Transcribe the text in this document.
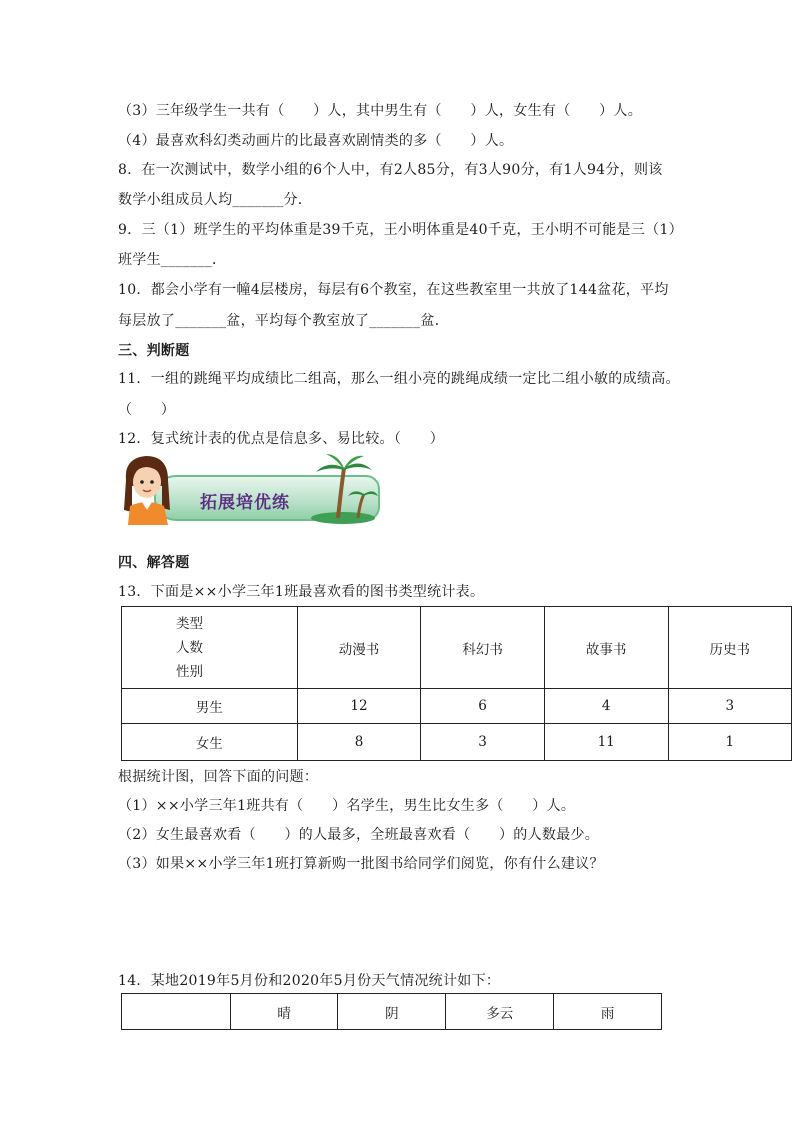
（3）三年级学生一共有（　　）人，其中男生有（　　）人，女生有（　　）人。
（4）最喜欢科幻类动画片的比最喜欢剧情类的多（　　）人。
8．在一次测试中，数学小组的6个人中，有2人85分，有3人90分，有1人94分，则该
数学小组成员人均_______分．
9．三（1）班学生的平均体重是39千克，王小明体重是40千克，王小明不可能是三（1）
班学生_______．
10．都会小学有一幢4层楼房，每层有6个教室，在这些教室里一共放了144盆花，平均
每层放了_______盆，平均每个教室放了_______盆．
三、判断题
11．一组的跳绳平均成绩比二组高，那么一组小亮的跳绳成绩一定比二组小敏的成绩高。
（　　）
12．复式统计表的优点是信息多、易比较。（　　）
拓展培优练
四、解答题
13．下面是××小学三年1班最喜欢看的图书类型统计表。
类型
人数
性别	动漫书	科幻书	故事书	历史书
男生	12	6	4	3
女生	8	3	11	1
根据统计图，回答下面的问题：
（1）××小学三年1班共有（　　）名学生，男生比女生多（　　）人。
（2）女生最喜欢看（　　）的人最多，全班最喜欢看（　　）的人数最少。
（3）如果××小学三年1班打算新购一批图书给同学们阅览，你有什么建议？
14．某地2019年5月份和2020年5月份天气情况统计如下：
	晴	阴	多云	雨
